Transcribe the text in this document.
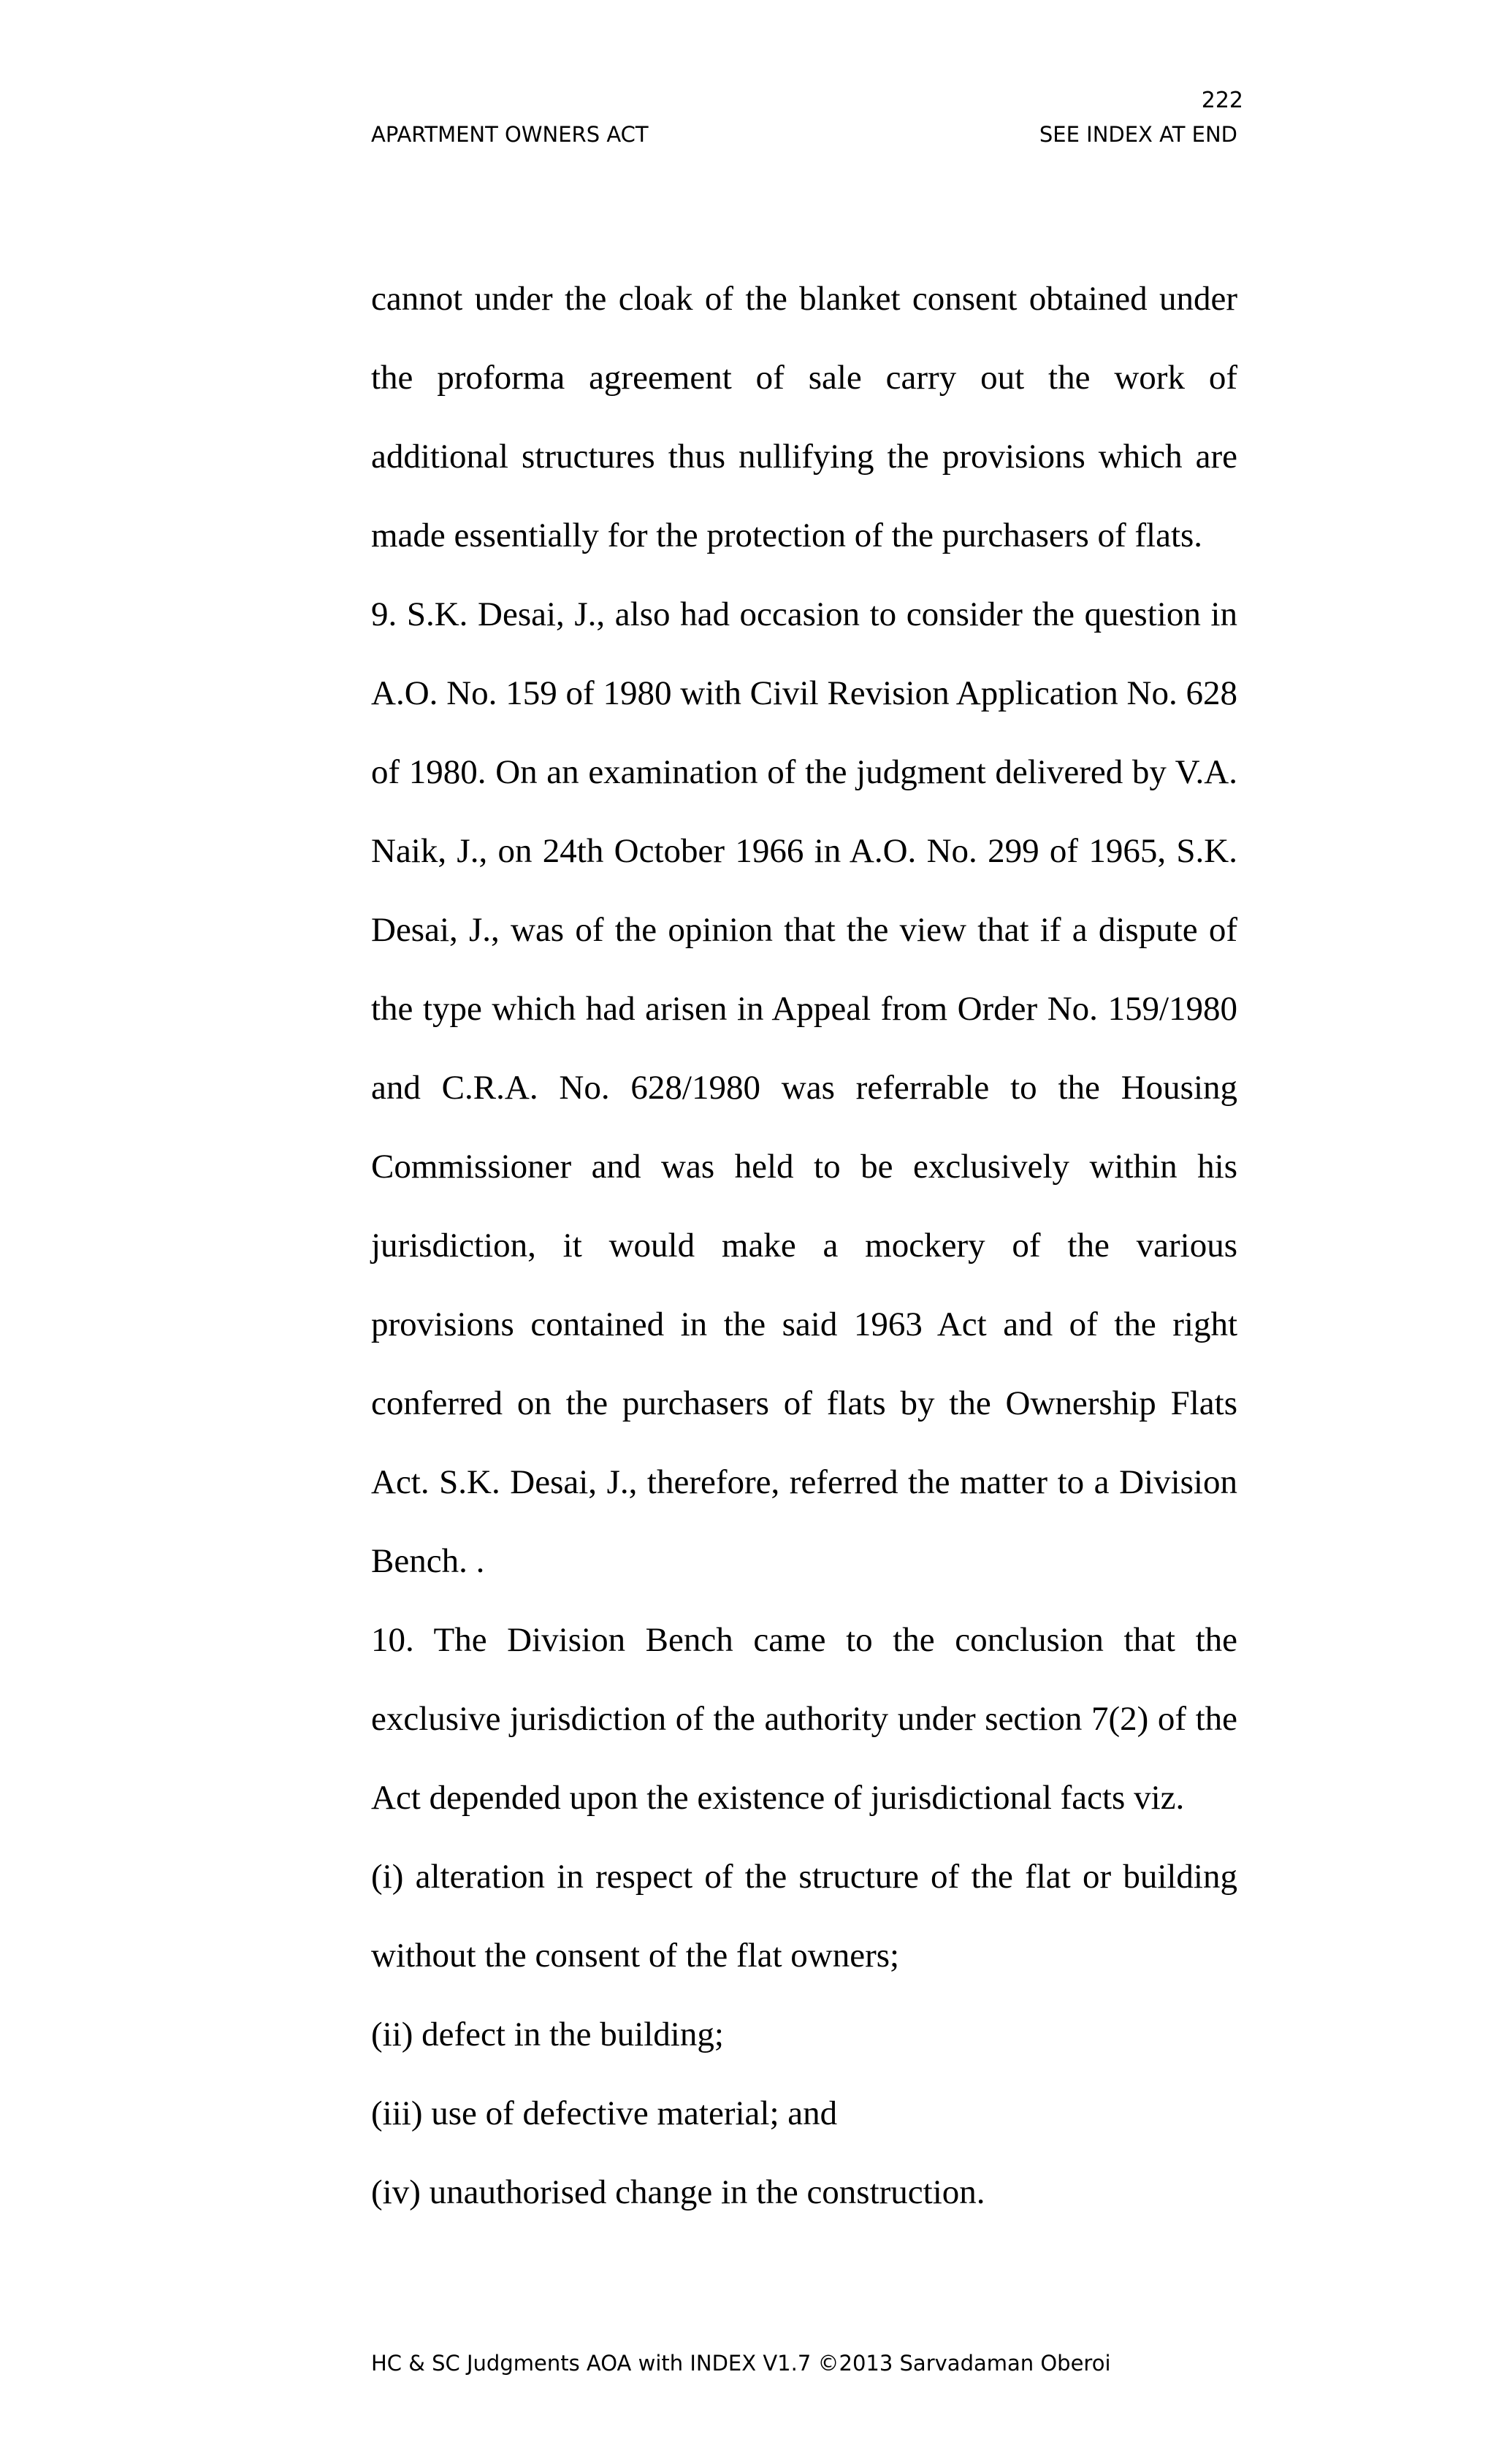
222
APARTMENT OWNERS ACT	SEE INDEX AT END

cannot under the cloak of the blanket consent obtained under the proforma agreement of sale carry out the work of additional structures thus nullifying the provisions which are made essentially for the protection of the purchasers of flats.

9. S.K. Desai, J., also had occasion to consider the question in A.O. No. 159 of 1980 with Civil Revision Application No. 628 of 1980. On an examination of the judgment delivered by V.A. Naik, J., on 24th October 1966 in A.O. No. 299 of 1965, S.K. Desai, J., was of the opinion that the view that if a dispute of the type which had arisen in Appeal from Order No. 159/1980 and C.R.A. No. 628/1980 was referrable to the Housing Commissioner and was held to be exclusively within his jurisdiction, it would make a mockery of the various provisions contained in the said 1963 Act and of the right conferred on the purchasers of flats by the Ownership Flats Act. S.K. Desai, J., therefore, referred the matter to a Division Bench. .

10. The Division Bench came to the conclusion that the exclusive jurisdiction of the authority under section 7(2) of the Act depended upon the existence of jurisdictional facts viz.

(i) alteration in respect of the structure of the flat or building without the consent of the flat owners;

(ii) defect in the building;

(iii) use of defective material; and

(iv) unauthorised change in the construction.

HC & SC Judgments AOA with INDEX V1.7 ©2013 Sarvadaman Oberoi
